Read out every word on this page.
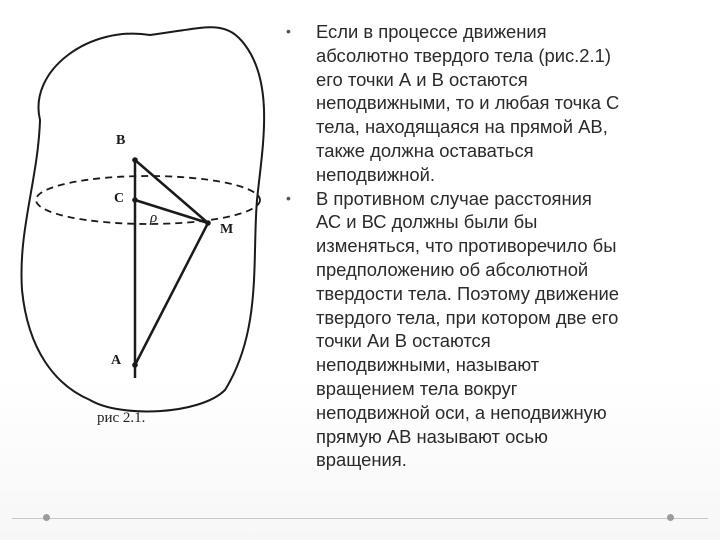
B
C
M
A
ρ
рис 2.1.
• Если в процессе движения
абсолютно твердого тела (рис.2.1)
его точки А и В остаются
неподвижными, то и любая точка С
тела, находящаяся на прямой АВ,
также должна оставаться
неподвижной.
• В противном случае расстояния
АС и ВС должны были бы
изменяться, что противоречило бы
предположению об абсолютной
твердости тела. Поэтому движение
твердого тела, при котором две его
точки Аи В остаются
неподвижными, называют
вращением тела вокруг
неподвижной оси, а неподвижную
прямую АВ называют осью
вращения.
